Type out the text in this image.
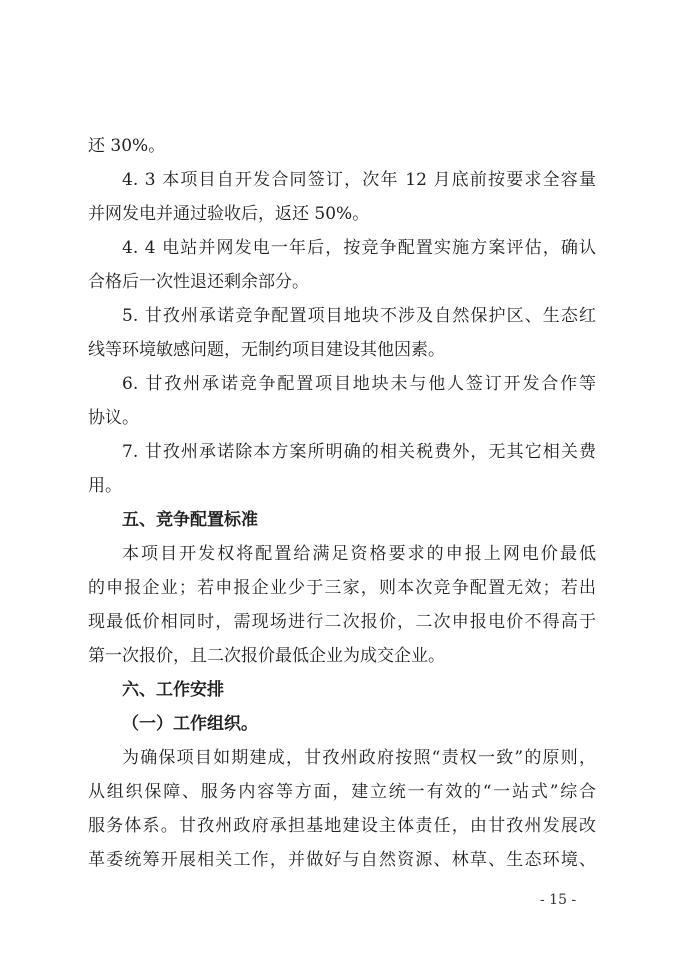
还 30%。
4. 3 本项目自开发合同签订，次年 12 月底前按要求全容量
并网发电并通过验收后，返还 50%。
4. 4 电站并网发电一年后，按竞争配置实施方案评估，确认
合格后一次性退还剩余部分。
5. 甘孜州承诺竞争配置项目地块不涉及自然保护区、生态红
线等环境敏感问题，无制约项目建设其他因素。
6. 甘孜州承诺竞争配置项目地块未与他人签订开发合作等
协议。
7. 甘孜州承诺除本方案所明确的相关税费外，无其它相关费
用。
五、竞争配置标准
本项目开发权将配置给满足资格要求的申报上网电价最低
的申报企业；若申报企业少于三家，则本次竞争配置无效；若出
现最低价相同时，需现场进行二次报价，二次申报电价不得高于
第一次报价，且二次报价最低企业为成交企业。
六、工作安排
（一）工作组织。
为确保项目如期建成，甘孜州政府按照“责权一致”的原则，
从组织保障、服务内容等方面，建立统一有效的“一站式”综合
服务体系。甘孜州政府承担基地建设主体责任，由甘孜州发展改
革委统筹开展相关工作，并做好与自然资源、林草、生态环境、
- 15 -
